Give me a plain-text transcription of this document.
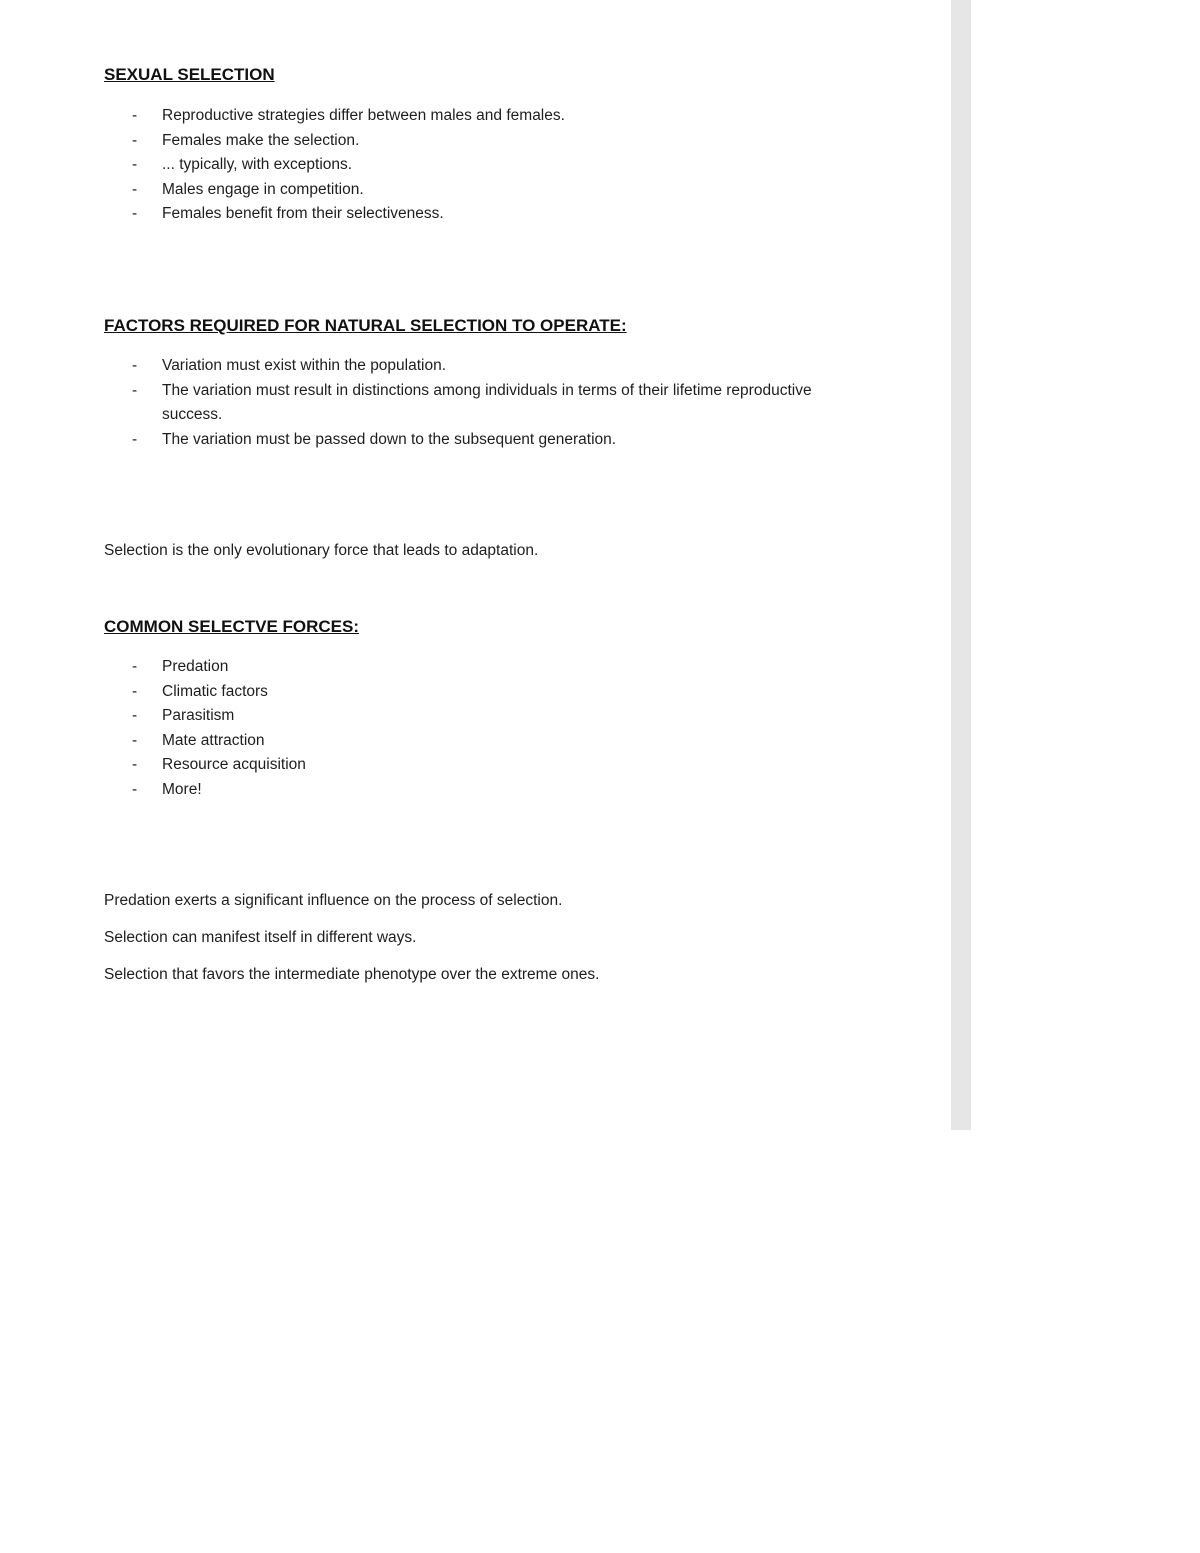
SEXUAL SELECTION
- Reproductive strategies differ between males and females.
- Females make the selection.
- ... typically, with exceptions.
- Males engage in competition.
- Females benefit from their selectiveness.
FACTORS REQUIRED FOR NATURAL SELECTION TO OPERATE:
- Variation must exist within the population.
- The variation must result in distinctions among individuals in terms of their lifetime reproductive success.
- The variation must be passed down to the subsequent generation.

Selection is the only evolutionary force that leads to adaptation.

COMMON SELECTVE FORCES:
- Predation
- Climatic factors
- Parasitism
- Mate attraction
- Resource acquisition
- More!

Predation exerts a significant influence on the process of selection.

Selection can manifest itself in different ways.

Selection that favors the intermediate phenotype over the extreme ones.
